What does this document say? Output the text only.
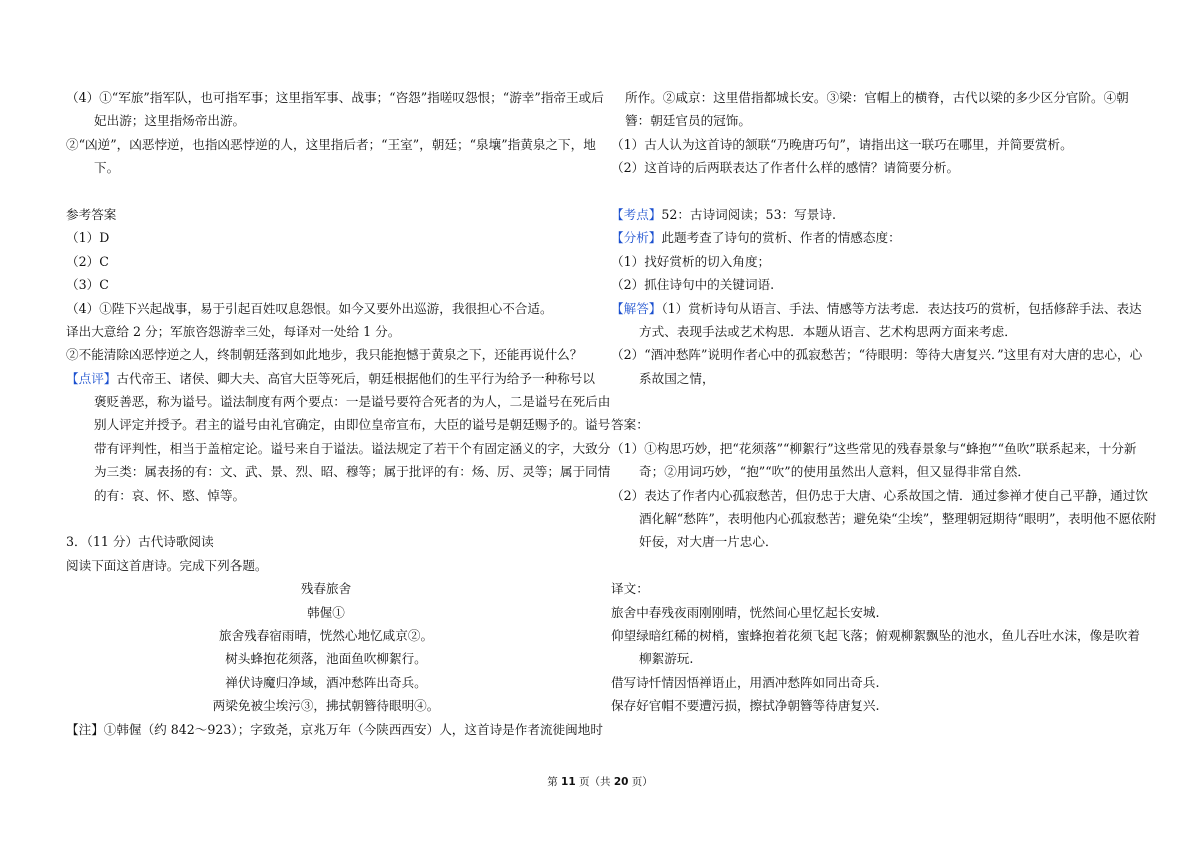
（4）①“军旅”指军队，也可指军事；这里指军事、战事；“咨怨”指嗟叹怨恨；“游幸”指帝王或后
妃出游；这里指炀帝出游。
②“凶逆”，凶恶悖逆，也指凶恶悖逆的人，这里指后者；“王室”，朝廷；“泉壤”指黄泉之下，地
下。
参考答案
（1）D
（2）C
（3）C
（4）①陛下兴起战事，易于引起百姓叹息怨恨。如今又要外出巡游，我很担心不合适。
译出大意给 2 分；军旅咨怨游幸三处，每译对一处给 1 分。
②不能清除凶恶悖逆之人，终制朝廷落到如此地步，我只能抱憾于黄泉之下，还能再说什么？
【点评】古代帝王、诸侯、卿大夫、高官大臣等死后，朝廷根据他们的生平行为给予一种称号以
褒贬善恶，称为谥号。谥法制度有两个要点：一是谥号要符合死者的为人，二是谥号在死后由
别人评定并授予。君主的谥号由礼官确定，由即位皇帝宣布，大臣的谥号是朝廷赐予的。谥号
带有评判性，相当于盖棺定论。谥号来自于谥法。谥法规定了若干个有固定涵义的字，大致分
为三类：属表扬的有：文、武、景、烈、昭、穆等；属于批评的有：炀、厉、灵等；属于同情
的有：哀、怀、愍、悼等。
3．（11 分）古代诗歌阅读
阅读下面这首唐诗。完成下列各题。
残春旅舍
韩偓①
旅舍残春宿雨晴，恍然心地忆咸京②。
树头蜂抱花须落，池面鱼吹柳絮行。
禅伏诗魔归净域，酒冲愁阵出奇兵。
两梁免被尘埃污③，拂拭朝簪待眼明④。
【注】①韩偓（约 842～923）；字致尧，京兆万年（今陕西西安）人，这首诗是作者流徙闽地时
所作。②咸京：这里借指都城长安。③梁：官帽上的横脊，古代以梁的多少区分官阶。④朝
簪：朝廷官员的冠饰。
（1）古人认为这首诗的颔联“乃晚唐巧句”，请指出这一联巧在哪里，并简要赏析。
（2）这首诗的后两联表达了作者什么样的感情？请简要分析。
【考点】52：古诗词阅读；53：写景诗.
【分析】此题考查了诗句的赏析、作者的情感态度：
（1）找好赏析的切入角度；
（2）抓住诗句中的关键词语.
【解答】（1）赏析诗句从语言、手法、情感等方法考虑．表达技巧的赏析，包括修辞手法、表达
方式、表现手法或艺术构思．本题从语言、艺术构思两方面来考虑．
（2）“酒冲愁阵”说明作者心中的孤寂愁苦；“待眼明：等待大唐复兴．”这里有对大唐的忠心，心
系故国之情，
答案：
（1）①构思巧妙，把“花须落”“柳絮行”这些常见的残春景象与“蜂抱”“鱼吹”联系起来，十分新
奇；②用词巧妙，“抱”“吹”的使用虽然出人意料，但又显得非常自然．
（2）表达了作者内心孤寂愁苦，但仍忠于大唐、心系故国之情．通过参禅才使自己平静，通过饮
酒化解“愁阵”，表明他内心孤寂愁苦；避免染“尘埃”，整理朝冠期待“眼明”，表明他不愿依附
奸佞，对大唐一片忠心．
译文：
旅舍中春残夜雨刚刚晴，恍然间心里忆起长安城.
仰望绿暗红稀的树梢，蜜蜂抱着花须飞起飞落；俯观柳絮飘坠的池水，鱼儿吞吐水沫，像是吹着
柳絮游玩.
借写诗忏情因悟禅语止，用酒冲愁阵如同出奇兵.
保存好官帽不要遭污损，擦拭净朝簪等待唐复兴.
第 11 页（共 20 页）
